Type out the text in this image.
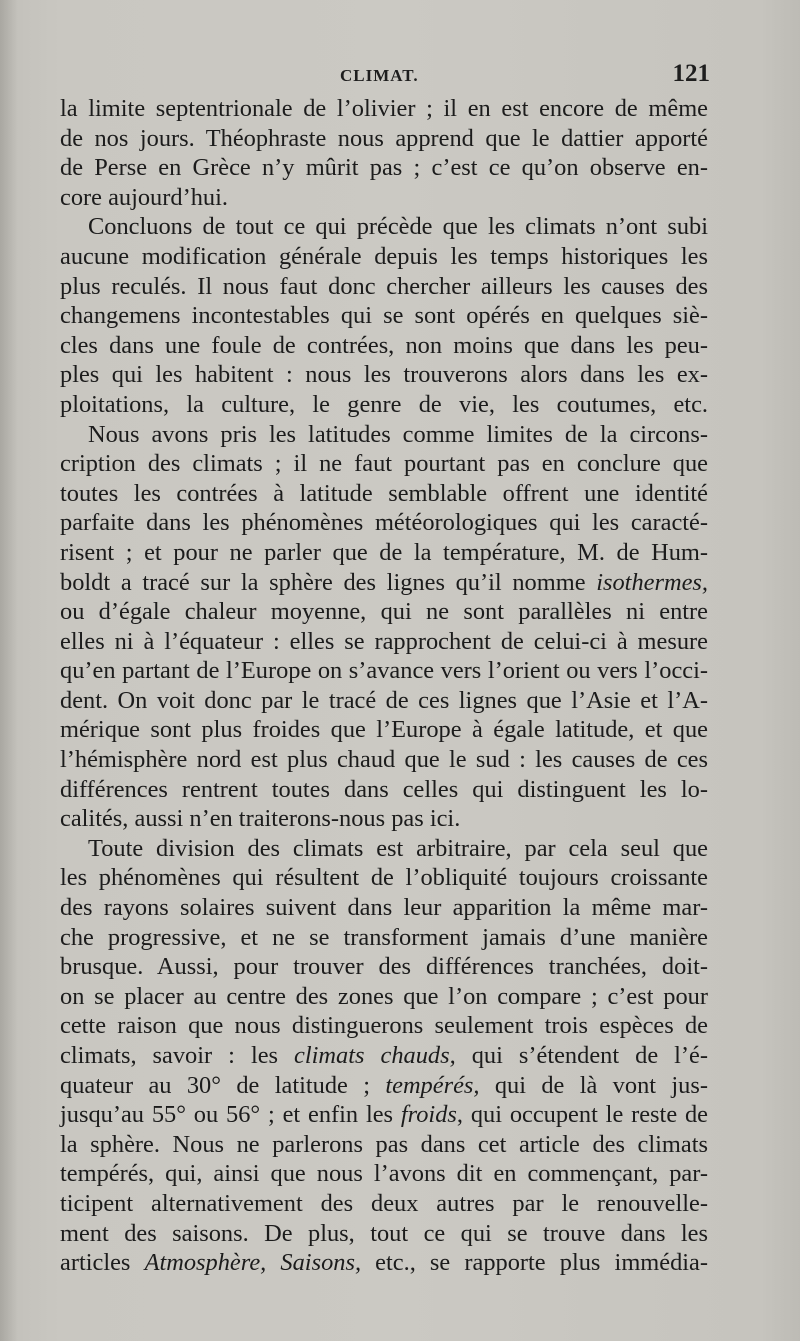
CLIMAT.	121
la limite septentrionale de l’olivier ; il en est encore de même
de nos jours. Théophraste nous apprend que le dattier apporté
de Perse en Grèce n’y mûrit pas ; c’est ce qu’on observe en-
core aujourd’hui.
Concluons de tout ce qui précède que les climats n’ont subi
aucune modification générale depuis les temps historiques les
plus reculés. Il nous faut donc chercher ailleurs les causes des
changemens incontestables qui se sont opérés en quelques siè-
cles dans une foule de contrées, non moins que dans les peu-
ples qui les habitent : nous les trouverons alors dans les ex-
ploitations, la culture, le genre de vie, les coutumes, etc.
Nous avons pris les latitudes comme limites de la circons-
cription des climats ; il ne faut pourtant pas en conclure que
toutes les contrées à latitude semblable offrent une identité
parfaite dans les phénomènes météorologiques qui les caracté-
risent ; et pour ne parler que de la température, M. de Hum-
boldt a tracé sur la sphère des lignes qu’il nomme isothermes,
ou d’égale chaleur moyenne, qui ne sont parallèles ni entre
elles ni à l’équateur : elles se rapprochent de celui-ci à mesure
qu’en partant de l’Europe on s’avance vers l’orient ou vers l’occi-
dent. On voit donc par le tracé de ces lignes que l’Asie et l’A-
mérique sont plus froides que l’Europe à égale latitude, et que
l’hémisphère nord est plus chaud que le sud : les causes de ces
différences rentrent toutes dans celles qui distinguent les lo-
calités, aussi n’en traiterons-nous pas ici.
Toute division des climats est arbitraire, par cela seul que
les phénomènes qui résultent de l’obliquité toujours croissante
des rayons solaires suivent dans leur apparition la même mar-
che progressive, et ne se transforment jamais d’une manière
brusque. Aussi, pour trouver des différences tranchées, doit-
on se placer au centre des zones que l’on compare ; c’est pour
cette raison que nous distinguerons seulement trois espèces de
climats, savoir : les climats chauds, qui s’étendent de l’é-
quateur au 30° de latitude ; tempérés, qui de là vont jus-
jusqu’au 55° ou 56° ; et enfin les froids, qui occupent le reste de
la sphère. Nous ne parlerons pas dans cet article des climats
tempérés, qui, ainsi que nous l’avons dit en commençant, par-
ticipent alternativement des deux autres par le renouvelle-
ment des saisons. De plus, tout ce qui se trouve dans les
articles Atmosphère, Saisons, etc., se rapporte plus immédia-
